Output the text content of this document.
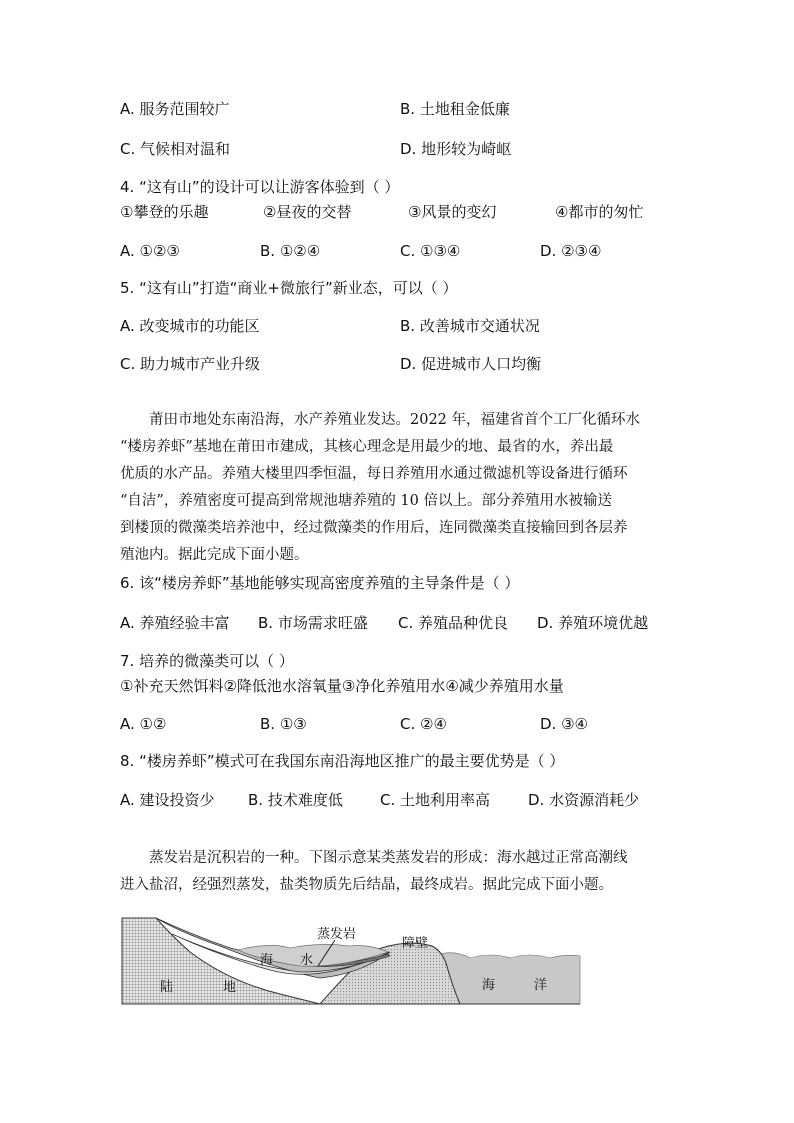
A. 服务范围较广	B. 土地租金低廉
C. 气候相对温和	D. 地形较为崎岖
4. “这有山”的设计可以让游客体验到（ ）
①攀登的乐趣	②昼夜的交替	③风景的变幻	④都市的匆忙
A. ①②③	B. ①②④	C. ①③④	D. ②③④
5. “这有山”打造“商业+微旅行”新业态，可以（ ）
A. 改变城市的功能区	B. 改善城市交通状况
C. 助力城市产业升级	D. 促进城市人口均衡
莆田市地处东南沿海，水产养殖业发达。2022 年，福建省首个工厂化循环水
“楼房养虾”基地在莆田市建成，其核心理念是用最少的地、最省的水，养出最
优质的水产品。养殖大楼里四季恒温，每日养殖用水通过微滤机等设备进行循环
“自洁”，养殖密度可提高到常规池塘养殖的 10 倍以上。部分养殖用水被输送
到楼顶的微藻类培养池中，经过微藻类的作用后，连同微藻类直接输回到各层养
殖池内。据此完成下面小题。
6. 该“楼房养虾”基地能够实现高密度养殖的主导条件是（ ）
A. 养殖经验丰富 B. 市场需求旺盛 C. 养殖品种优良 D. 养殖环境优越
7. 培养的微藻类可以（ ）
①补充天然饵料②降低池水溶氧量③净化养殖用水④减少养殖用水量
A. ①②	B. ①③	C. ②④	D. ③④
8. “楼房养虾”模式可在我国东南沿海地区推广的最主要优势是（ ）
A. 建设投资少 B. 技术难度低 C. 土地利用率高	D. 水资源消耗少
蒸发岩是沉积岩的一种。下图示意某类蒸发岩的形成：海水越过正常高潮线
进入盐沼，经强烈蒸发，盐类物质先后结晶，最终成岩。据此完成下面小题。
蒸发岩
障壁
海 水
陆	地	海	洋
